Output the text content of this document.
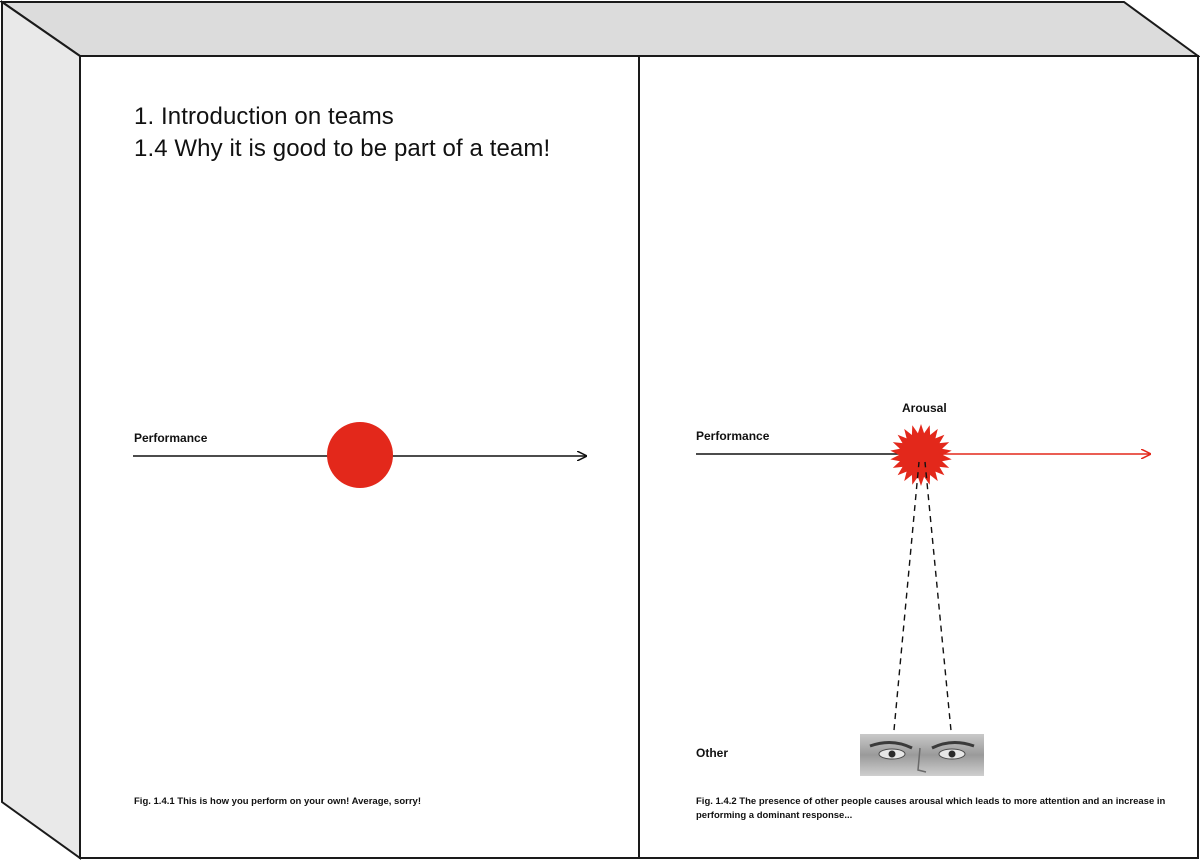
1. Introduction on teams
1.4 Why it is good to be part of a team!
Performance
Fig. 1.4.1 This is how you perform on your own! Average, sorry!
Arousal
Performance
Other
Fig. 1.4.2 The presence of other people causes arousal which leads to more attention and an increase in performing a dominant response...
